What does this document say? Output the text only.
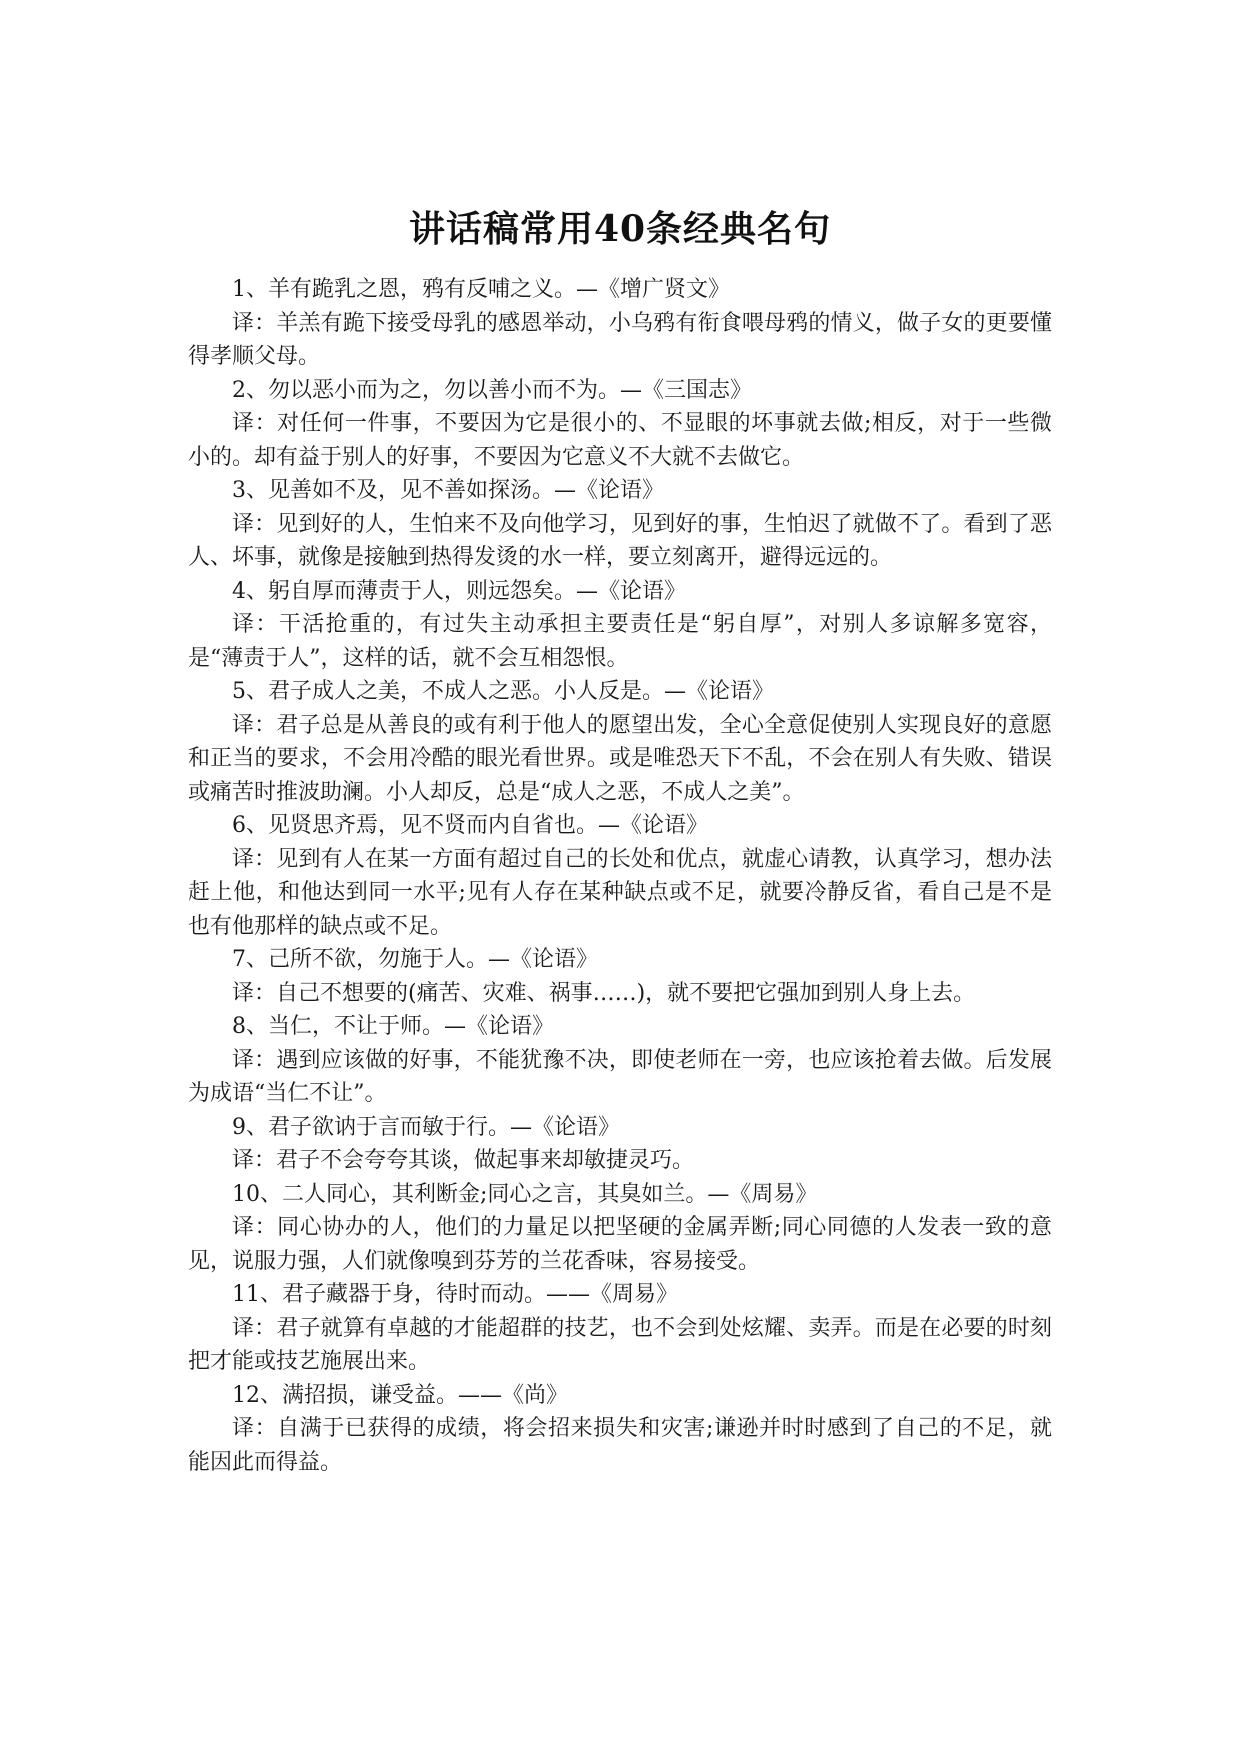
讲话稿常用40条经典名句

1、羊有跪乳之恩，鸦有反哺之义。—《增广贤文》

译：羊羔有跪下接受母乳的感恩举动，小乌鸦有衔食喂母鸦的情义，做子女的更要懂得孝顺父母。

2、勿以恶小而为之，勿以善小而不为。—《三国志》

译：对任何一件事，不要因为它是很小的、不显眼的坏事就去做;相反，对于一些微小的。却有益于别人的好事，不要因为它意义不大就不去做它。

3、见善如不及，见不善如探汤。—《论语》

译：见到好的人，生怕来不及向他学习，见到好的事，生怕迟了就做不了。看到了恶人、坏事，就像是接触到热得发烫的水一样，要立刻离开，避得远远的。

4、躬自厚而薄责于人，则远怨矣。—《论语》

译：干活抢重的，有过失主动承担主要责任是“躬自厚”，对别人多谅解多宽容，是“薄责于人”，这样的话，就不会互相怨恨。

5、君子成人之美，不成人之恶。小人反是。—《论语》

译：君子总是从善良的或有利于他人的愿望出发，全心全意促使别人实现良好的意愿和正当的要求，不会用冷酷的眼光看世界。或是唯恐天下不乱，不会在别人有失败、错误或痛苦时推波助澜。小人却反，总是“成人之恶，不成人之美”。

6、见贤思齐焉，见不贤而内自省也。—《论语》

译：见到有人在某一方面有超过自己的长处和优点，就虚心请教，认真学习，想办法赶上他，和他达到同一水平;见有人存在某种缺点或不足，就要冷静反省，看自己是不是也有他那样的缺点或不足。

7、己所不欲，勿施于人。—《论语》

译：自己不想要的(痛苦、灾难、祸事……)，就不要把它强加到别人身上去。

8、当仁，不让于师。—《论语》

译：遇到应该做的好事，不能犹豫不决，即使老师在一旁，也应该抢着去做。后发展为成语“当仁不让”。

9、君子欲讷于言而敏于行。—《论语》

译：君子不会夸夸其谈，做起事来却敏捷灵巧。

10、二人同心，其利断金;同心之言，其臭如兰。—《周易》

译：同心协办的人，他们的力量足以把坚硬的金属弄断;同心同德的人发表一致的意见，说服力强，人们就像嗅到芬芳的兰花香味，容易接受。

11、君子藏器于身，待时而动。——《周易》

译：君子就算有卓越的才能超群的技艺，也不会到处炫耀、卖弄。而是在必要的时刻把才能或技艺施展出来。

12、满招损，谦受益。——《尚》

译：自满于已获得的成绩，将会招来损失和灾害;谦逊并时时感到了自己的不足，就能因此而得益。
